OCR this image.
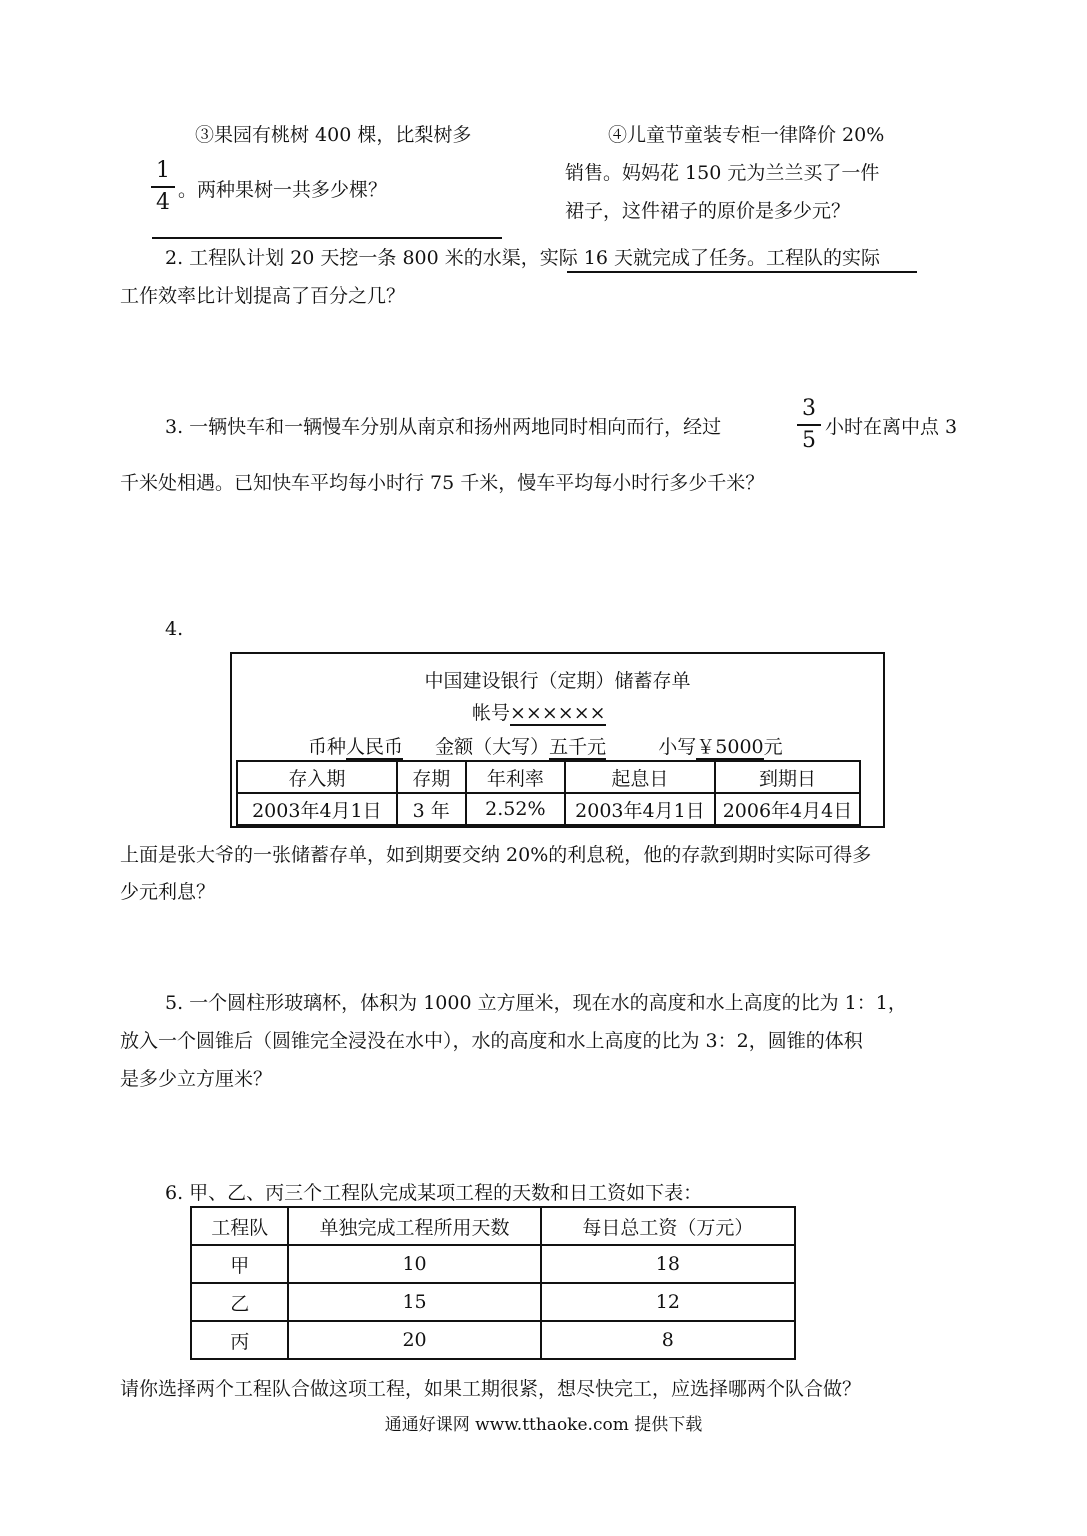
③果园有桃树 400 棵，比梨树多
1
4 。两种果树一共多少棵？
④儿童节童装专柜一律降价 20%
销售。妈妈花 150 元为兰兰买了一件
裙子，这件裙子的原价是多少元？
2. 工程队计划 20 天挖一条 800 米的水渠，实际 16 天就完成了任务。工程队的实际
工作效率比计划提高了百分之几？
3. 一辆快车和一辆慢车分别从南京和扬州两地同时相向而行，经过
3
5
小时在离中点 3
千米处相遇。已知快车平均每小时行 75 千米，慢车平均每小时行多少千米？
4.
中国建设银行（定期）储蓄存单
帐号××××××
币种人民币 金额（大写）五千元	小写￥5000元
存入期	存期	年利率	起息日	到期日
2003年4月1日	3 年	2.52%	2003年4月1日	2006年4月4日
上面是张大爷的一张储蓄存单，如到期要交纳 20%的利息税，他的存款到期时实际可得多
少元利息？
5. 一个圆柱形玻璃杯，体积为 1000 立方厘米，现在水的高度和水上高度的比为 1：1，
放入一个圆锥后（圆锥完全浸没在水中），水的高度和水上高度的比为 3：2，圆锥的体积
是多少立方厘米？
6. 甲、乙、丙三个工程队完成某项工程的天数和日工资如下表：
工程队	单独完成工程所用天数	每日总工资（万元）
甲	10	18
乙	15	12
丙	20	8
请你选择两个工程队合做这项工程，如果工期很紧，想尽快完工，应选择哪两个队合做？
通通好课网 www.tthaoke.com 提供下载
